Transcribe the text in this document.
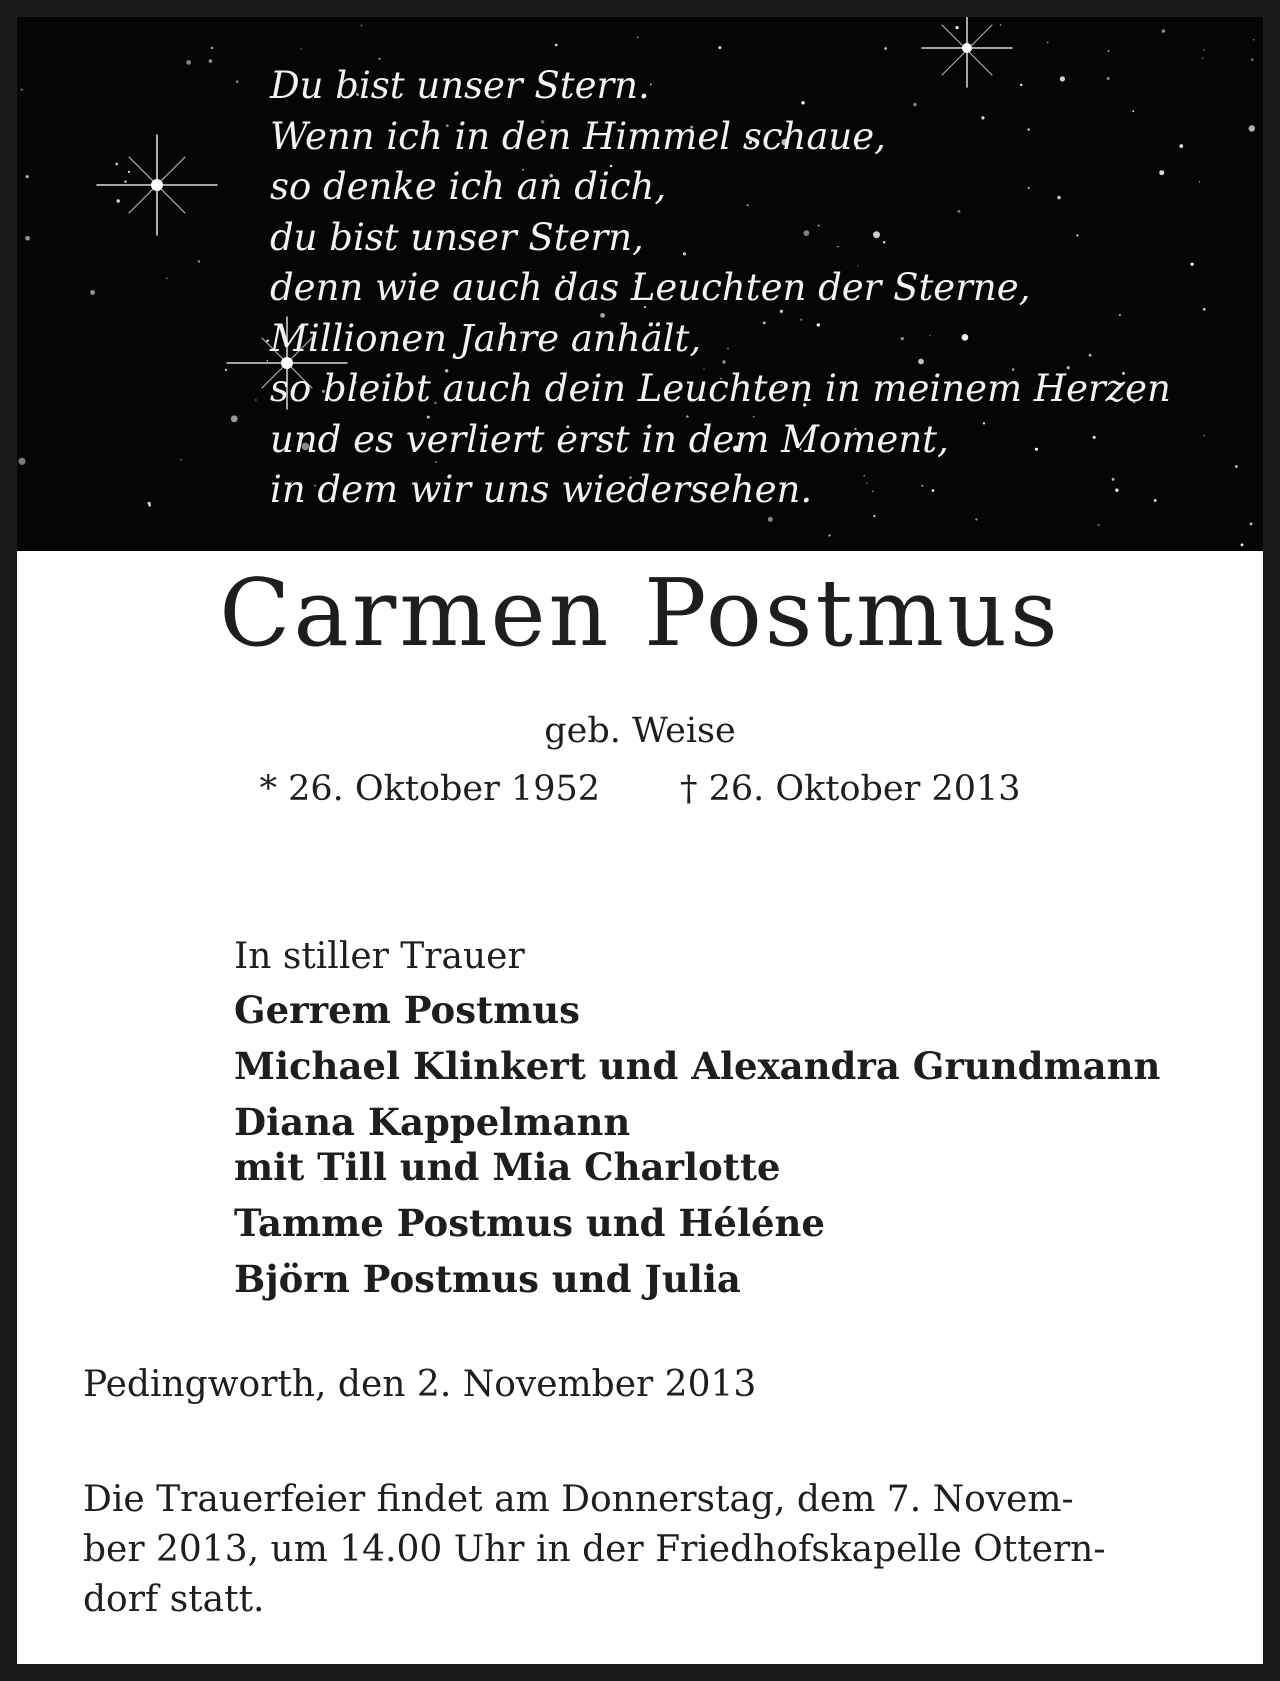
Du bist unser Stern.
Wenn ich in den Himmel schaue,
so denke ich an dich,
du bist unser Stern,
denn wie auch das Leuchten der Sterne,
Millionen Jahre anhält,
so bleibt auch dein Leuchten in meinem Herzen
und es verliert erst in dem Moment,
in dem wir uns wiedersehen.
Carmen Postmus
geb. Weise
* 26. Oktober 1952 † 26. Oktober 2013
In stiller Trauer
Gerrem Postmus
Michael Klinkert und Alexandra Grundmann
Diana Kappelmann
mit Till und Mia Charlotte
Tamme Postmus und Héléne
Björn Postmus und Julia
Pedingworth, den 2. November 2013
Die Trauerfeier findet am Donnerstag, dem 7. Novem-
ber 2013, um 14.00 Uhr in der Friedhofskapelle Ottern-
dorf statt.
